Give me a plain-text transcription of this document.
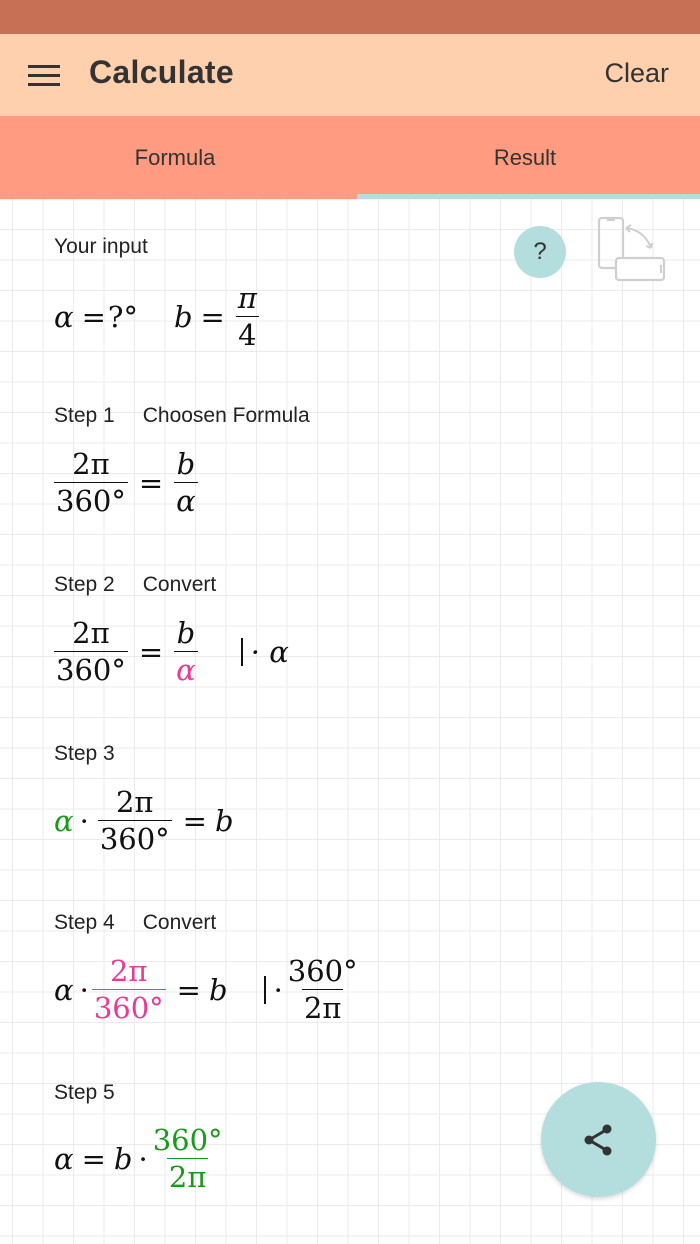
Calculate	Clear
Formula	Result
Your input
α = ?° $b = \frac{\pi}{4}$
?
Step 1 Choosen Formula
$\frac{2\pi}{360^\circ} = \frac{b}{\alpha}$
Step 2 Convert
$\frac{2\pi}{360^\circ} = \frac{b}{\alpha} \cdot \alpha$
Step 3
$\alpha \cdot \frac{2\pi}{360^\circ} = b$
Step 4 Convert
$\alpha \cdot \frac{2\pi}{360^\circ} = b \cdot \frac{360^\circ}{2\pi}$
Step 5
$\alpha = b \cdot \frac{360^\circ}{2\pi}$
